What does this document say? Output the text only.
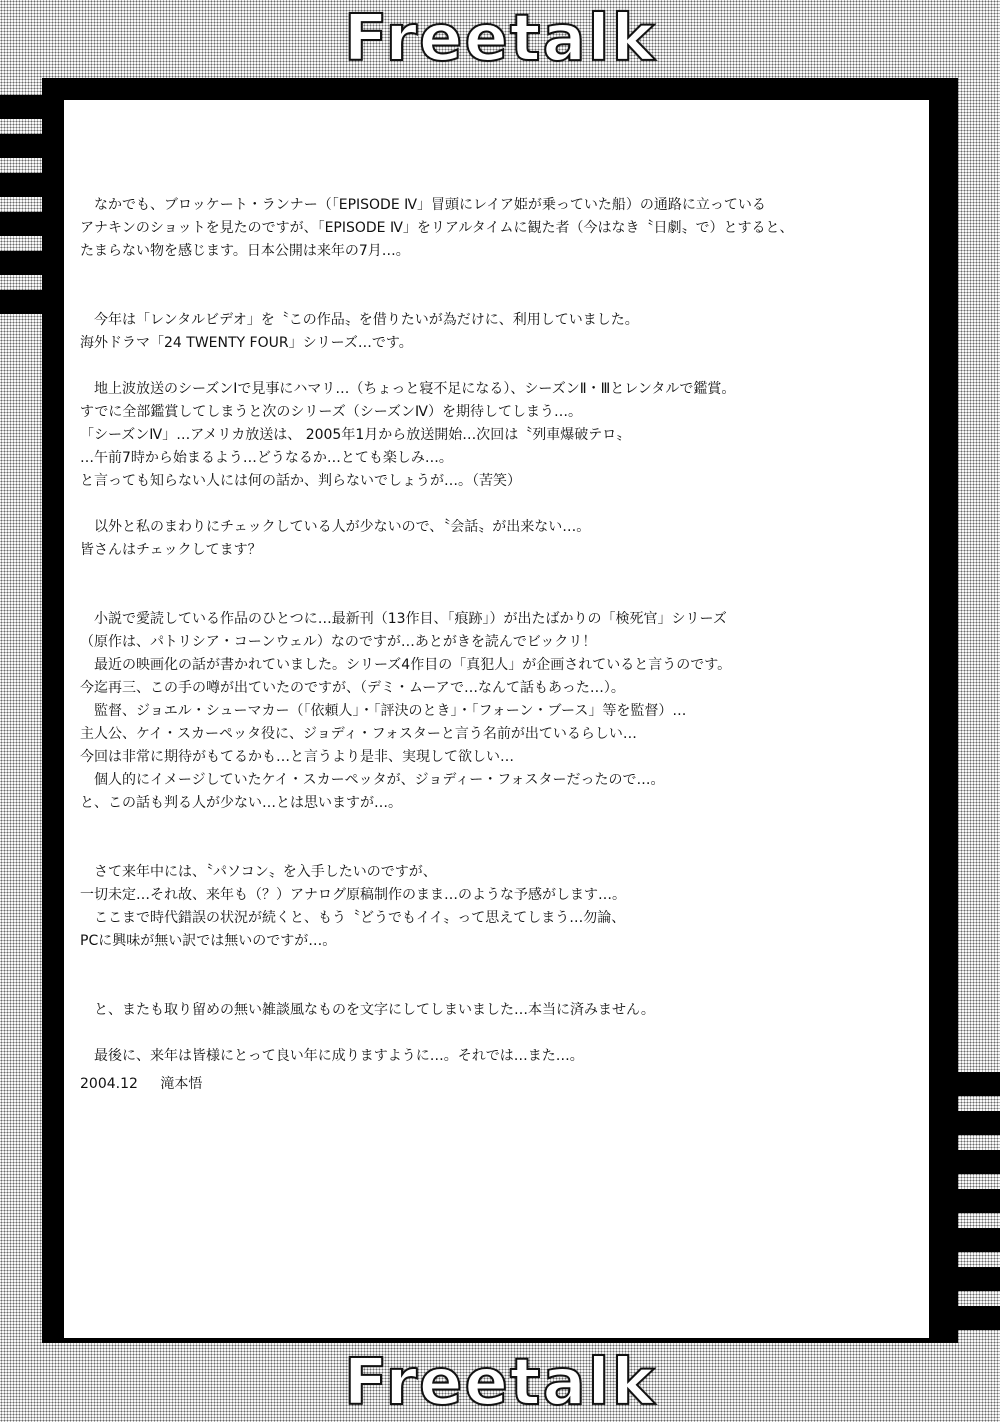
Freetalk
　なかでも、ブロッケート・ランナー（「EPISODE Ⅳ」冒頭にレイア姫が乗っていた船）の通路に立っている
アナキンのショットを見たのですが、「EPISODE Ⅳ」をリアルタイムに観た者（今はなき〝日劇〟で）とすると、
たまらない物を感じます。日本公開は来年の7月…。
　今年は「レンタルビデオ」を〝この作品〟を借りたいが為だけに、利用していました。
海外ドラマ「24 TWENTY FOUR」シリーズ…です。
　地上波放送のシーズンⅠで見事にハマリ…（ちょっと寝不足になる）、シーズンⅡ・Ⅲとレンタルで鑑賞。
すでに全部鑑賞してしまうと次のシリーズ（シーズンⅣ）を期待してしまう…。
「シーズンⅣ」…アメリカ放送は、 2005年1月から放送開始…次回は〝列車爆破テロ〟
…午前7時から始まるよう…どうなるか…とても楽しみ…。
と言っても知らない人には何の話か、判らないでしょうが…。（苦笑）
　以外と私のまわりにチェックしている人が少ないので、〝会話〟が出来ない…。
皆さんはチェックしてます？
　小説で愛読している作品のひとつに…最新刊（13作目、「痕跡」）が出たばかりの「検死官」シリーズ
（原作は、パトリシア・コーンウェル）なのですが…あとがきを読んでビックリ！
　最近の映画化の話が書かれていました。シリーズ4作目の「真犯人」が企画されていると言うのです。
今迄再三、この手の噂が出ていたのですが、（デミ・ムーアで…なんて話もあった…）。
　監督、ジョエル・シューマカー（「依頼人」・「評決のとき」・「フォーン・ブース」等を監督）…
主人公、ケイ・スカーペッタ役に、ジョディ・フォスターと言う名前が出ているらしい…
今回は非常に期待がもてるかも…と言うより是非、実現して欲しい…
　個人的にイメージしていたケイ・スカーペッタが、ジョディー・フォスターだったので…。
と、この話も判る人が少ない…とは思いますが…。
　さて来年中には、〝パソコン〟を入手したいのですが、
一切未定…それ故、来年も（？）アナログ原稿制作のまま…のような予感がします…。
　ここまで時代錯誤の状況が続くと、もう〝どうでもイイ〟って思えてしまう…勿論、
PCに興味が無い訳では無いのですが…。
　と、またも取り留めの無い雑談風なものを文字にしてしまいました…本当に済みません。
　最後に、来年は皆様にとって良い年に成りますように…。それでは…また…。
2004.12 滝本悟
Freetalk
